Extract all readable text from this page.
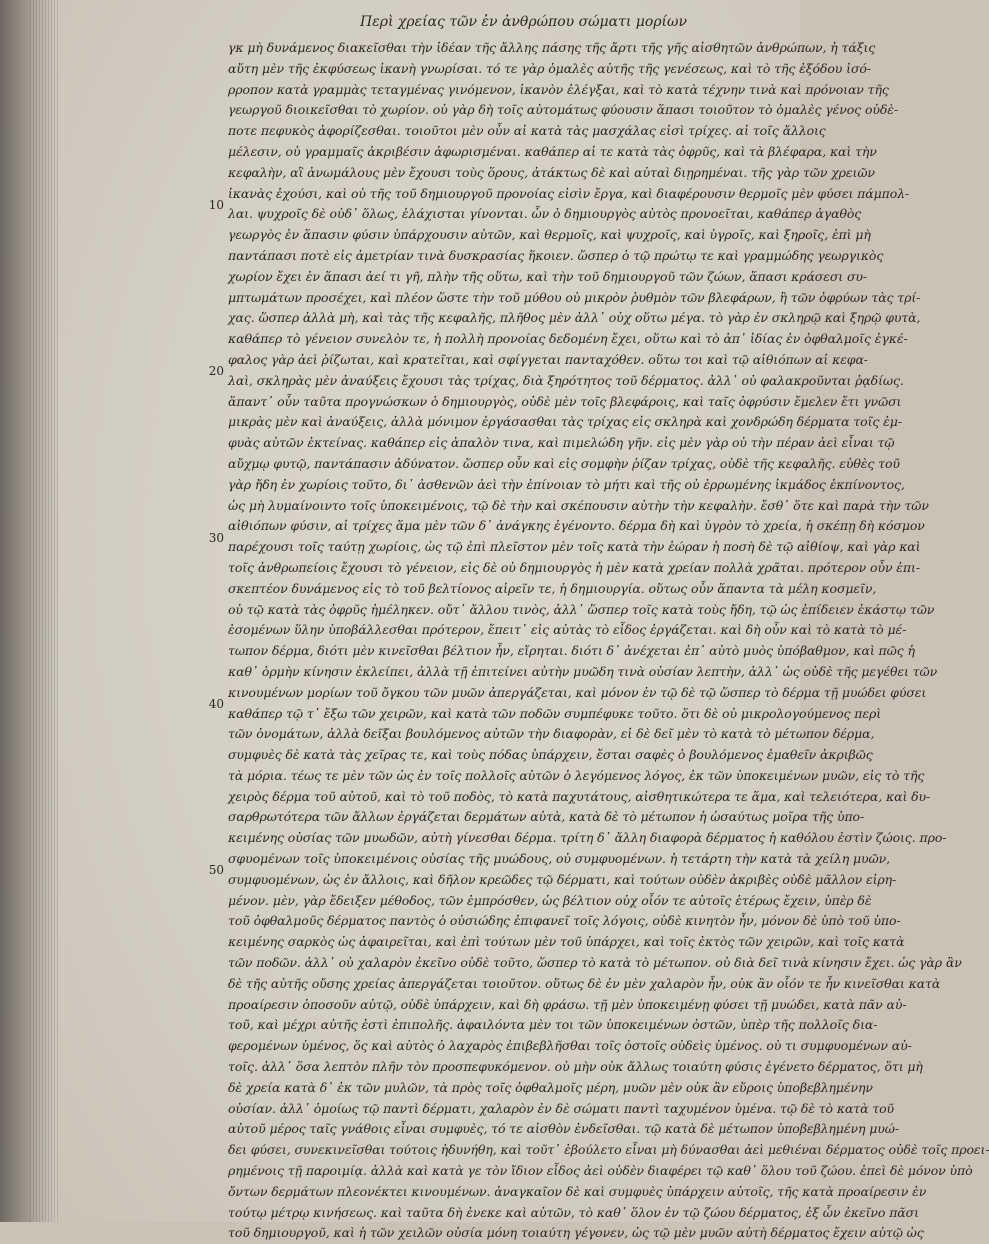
Περὶ χρείας τῶν ἐν ἀνθρώπου σώματι μορίων
10
20
30
40
50
γκ μὴ δυνάμενος διακεῖσθαι τὴν ἰδέαν τῆς ἄλλης πάσης τῆς ἄρτι τῆς γῆς αἰσθητῶν ἀνθρώπων, ἡ τάξις
αὕτη μὲν τῆς ἐκφύσεως ἱκανὴ γνωρίσαι. τό τε γὰρ ὁμαλὲς αὐτῆς τῆς γενέσεως, καὶ τὸ τῆς ἐξόδου ἰσό-
ρροπον κατὰ γραμμὰς τεταγμένας γινόμενον, ἱκανὸν ἐλέγξαι, καὶ τὸ κατὰ τέχνην τινὰ καὶ πρόνοιαν τῆς
γεωργοῦ διοικεῖσθαι τὸ χωρίον. οὐ γὰρ δὴ τοῖς αὐτομάτως φύουσιν ἅπασι τοιοῦτον τὸ ὁμαλὲς γένος οὐδὲ-
ποτε πεφυκὸς ἀφορίζεσθαι. τοιοῦτοι μὲν οὖν αἱ κατὰ τὰς μασχάλας εἰσὶ τρίχες. αἱ τοῖς ἄλλοις
μέλεσιν, οὐ γραμμαῖς ἀκριβέσιν ἀφωρισμέναι. καθάπερ αἱ τε κατὰ τὰς ὀφρῦς, καὶ τὰ βλέφαρα, καὶ τὴν
κεφαλὴν, αἳ ἀνωμάλους μὲν ἔχουσι τοὺς ὅρους, ἀτάκτως δὲ καὶ αὐταὶ διῃρημέναι. τῆς γὰρ τῶν χρειῶν
ἱκανὰς ἐχούσι, καὶ οὐ τῆς τοῦ δημιουργοῦ προνοίας εἰσὶν ἔργα, καὶ διαφέρουσιν θερμοῖς μὲν φύσει πάμπολ-
λαι. ψυχροῖς δὲ οὐδ᾽ ὅλως, ἐλάχισται γίνονται. ὧν ὁ δημιουργὸς αὐτὸς προνοεῖται, καθάπερ ἀγαθὸς
γεωργὸς ἐν ἅπασιν φύσιν ὑπάρχουσιν αὐτῶν, καὶ θερμοῖς, καὶ ψυχροῖς, καὶ ὑγροῖς, καὶ ξηροῖς, ἐπὶ μὴ
παντάπασι ποτὲ εἰς ἀμετρίαν τινὰ δυσκρασίας ἥκοιεν. ὥσπερ ὁ τῷ πρώτῳ τε καὶ γραμμώδης γεωργικὸς
χωρίον ἔχει ἐν ἅπασι ἀεί τι γῆ, πλὴν τῆς οὕτω, καὶ τὴν τοῦ δημιουργοῦ τῶν ζώων, ἅπασι κράσεσι συ-
μπτωμάτων προσέχει, καὶ πλέον ὥστε τὴν τοῦ μύθου οὐ μικρὸν ῥυθμὸν τῶν βλεφάρων, ἢ τῶν ὀφρύων τὰς τρί-
χας. ὥσπερ ἀλλὰ μὴ, καὶ τὰς τῆς κεφαλῆς, πλῆθος μὲν ἀλλ᾽ οὐχ οὕτω μέγα. τὸ γὰρ ἐν σκληρῷ καὶ ξηρῷ φυτὰ,
καθάπερ τὸ γένειον συνελὸν τε, ἡ πολλὴ προνοίας δεδομένη ἔχει, οὕτω καὶ τὸ ἀπ᾽ ἰδίας ἐν ὀφθαλμοῖς ἐγκέ-
φαλος γὰρ ἀεὶ ῥίζωται, καὶ κρατεῖται, καὶ σφίγγεται πανταχόθεν. οὕτω τοι καὶ τῷ αἰθιόπων αἱ κεφα-
λαὶ, σκληρὰς μὲν ἀναύξεις ἔχουσι τὰς τρίχας, διὰ ξηρότητος τοῦ δέρματος. ἀλλ᾽ οὐ φαλακροῦνται ῥᾳδίως.
ἅπαντ᾽ οὖν ταῦτα προγνώσκων ὁ δημιουργὸς, οὐδὲ μὲν τοῖς βλεφάροις, καὶ ταῖς ὀφρύσιν ἔμελεν ἔτι γνῶσι
μικρὰς μὲν καὶ ἀναύξεις, ἀλλὰ μόνιμον ἐργάσασθαι τὰς τρίχας εἰς σκληρὰ καὶ χονδρώδη δέρματα τοῖς ἐμ-
φυὰς αὐτῶν ἐκτείνας. καθάπερ εἰς ἀπαλὸν τινα, καὶ πιμελώδη γῆν. εἰς μὲν γὰρ οὐ τὴν πέραν ἀεὶ εἶναι τῷ
αὔχμῳ φυτῷ, παντάπασιν ἀδύνατον. ὥσπερ οὖν καὶ εἰς σομφὴν ῥίζαν τρίχας, οὐδὲ τῆς κεφαλῆς. εὐθὲς τοῦ
γὰρ ἤδη ἐν χωρίοις τοῦτο, δι᾽ ἀσθενῶν ἀεὶ τὴν ἐπίνοιαν τὸ μήτι καὶ τῆς οὐ ἐρρωμένης ἱκμάδος ἐκπίνοντος,
ὡς μὴ λυμαίνοιντο τοῖς ὑποκειμένοις, τῷ δὲ τὴν καὶ σκέπουσιν αὐτὴν τὴν κεφαλὴν. ἔσθ᾽ ὅτε καὶ παρὰ τὴν τῶν
αἰθιόπων φύσιν, αἱ τρίχες ἅμα μὲν τῶν δ᾽ ἀνάγκης ἐγένοντο. δέρμα δὴ καὶ ὑγρὸν τὸ χρεία, ἡ σκέπῃ δὴ κόσμον
παρέχουσι τοῖς ταύτῃ χωρίοις, ὡς τῷ ἐπὶ πλεῖστον μὲν τοῖς κατὰ τὴν ἑώραν ἡ ποσὴ δὲ τῷ αἰθίοψ, καὶ γὰρ καὶ
τοῖς ἀνθρωπείοις ἔχουσι τὸ γένειον, εἰς δὲ οὐ δημιουργὸς ἡ μὲν κατὰ χρείαν πολλὰ χρᾶται. πρότερον οὖν ἐπι-
σκεπτέον δυνάμενος εἰς τὸ τοῦ βελτίονος αἱρεῖν τε, ἡ δημιουργία. οὕτως οὖν ἅπαντα τὰ μέλη κοσμεῖν,
οὐ τῷ κατὰ τὰς ὀφρῦς ἠμέληκεν. οὔτ᾽ ἄλλου τινὸς, ἀλλ᾽ ὥσπερ τοῖς κατὰ τοὺς ἤδη, τῷ ὡς ἐπίδειεν ἑκάστῳ τῶν
ἐσομένων ὕλην ὑποβάλλεσθαι πρότερον, ἔπειτ᾽ εἰς αὐτὰς τὸ εἶδος ἐργάζεται. καὶ δὴ οὖν καὶ τὸ κατὰ τὸ μέ-
τωπον δέρμα, διότι μὲν κινεῖσθαι βέλτιον ἦν, εἴρηται. διότι δ᾽ ἀνέχεται ἐπ᾽ αὐτὸ μυὸς ὑπόβαθμον, καὶ πῶς ἡ
καθ᾽ ὁρμὴν κίνησιν ἐκλείπει, ἀλλὰ τῇ ἐπιτείνει αὐτὴν μυῶδη τινὰ οὐσίαν λεπτὴν, ἀλλ᾽ ὡς οὐδὲ τῆς μεγέθει τῶν
κινουμένων μορίων τοῦ ὄγκου τῶν μυῶν ἀπεργάζεται, καὶ μόνον ἐν τῷ δὲ τῷ ὥσπερ τὸ δέρμα τῇ μυώδει φύσει
καθάπερ τῷ τ᾽ ἔξω τῶν χειρῶν, καὶ κατὰ τῶν ποδῶν συμπέφυκε τοῦτο. ὅτι δὲ οὐ μικρολογούμενος περὶ
τῶν ὀνομάτων, ἀλλὰ δεῖξαι βουλόμενος αὐτῶν τὴν διαφορὰν, εἰ δὲ δεῖ μὲν τὸ κατὰ τὸ μέτωπον δέρμα,
συμφυὲς δὲ κατὰ τὰς χεῖρας τε, καὶ τοὺς πόδας ὑπάρχειν, ἔσται σαφὲς ὁ βουλόμενος ἐμαθεῖν ἀκριβῶς
τὰ μόρια. τέως τε μὲν τῶν ὡς ἐν τοῖς πολλοῖς αὐτῶν ὁ λεγόμενος λόγος, ἐκ τῶν ὑποκειμένων μυῶν, εἰς τὸ τῆς
χειρὸς δέρμα τοῦ αὐτοῦ, καὶ τὸ τοῦ ποδὸς, τὸ κατὰ παχυτάτους, αἰσθητικώτερα τε ἅμα, καὶ τελειότερα, καὶ δυ-
σαρθρωτότερα τῶν ἄλλων ἐργάζεται δερμάτων αὐτὰ, κατὰ δὲ τὸ μέτωπον ἡ ὡσαύτως μοῖρα τῆς ὑπο-
κειμένης οὐσίας τῶν μυωδῶν, αὐτὴ γίνεσθαι δέρμα. τρίτη δ᾽ ἄλλη διαφορὰ δέρματος ἡ καθόλου ἐστὶν ζώοις. προ-
σφυομένων τοῖς ὑποκειμένοις οὐσίας τῆς μυώδους, οὐ συμφυομένων. ἡ τετάρτη τὴν κατὰ τὰ χείλη μυῶν,
συμφυομένων, ὡς ἐν ἄλλοις, καὶ δῆλον κρεῶδες τῷ δέρματι, καὶ τούτων οὐδὲν ἀκριβὲς οὐδὲ μᾶλλον εἰρη-
μένον. μὲν, γὰρ ἔδειξεν μέθοδος, τῶν ἐμπρόσθεν, ὡς βέλτιον οὐχ οἷόν τε αὐτοῖς ἑτέρως ἔχειν, ὑπὲρ δὲ
τοῦ ὀφθαλμοῦς δέρματος παντὸς ὁ οὐσιώδης ἐπιφανεῖ τοῖς λόγοις, οὐδὲ κινητὸν ἦν, μόνον δὲ ὑπὸ τοῦ ὑπο-
κειμένης σαρκὸς ὡς ἀφαιρεῖται, καὶ ἐπὶ τούτων μὲν τοῦ ὑπάρχει, καὶ τοῖς ἐκτὸς τῶν χειρῶν, καὶ τοῖς κατὰ
τῶν ποδῶν. ἀλλ᾽ οὐ χαλαρὸν ἐκεῖνο οὐδὲ τοῦτο, ὥσπερ τὸ κατὰ τὸ μέτωπον. οὐ διὰ δεῖ τινὰ κίνησιν ἔχει. ὡς γὰρ ἂν
δὲ τῆς αὐτῆς οὔσης χρείας ἀπεργάζεται τοιοῦτον. οὕτως δὲ ἐν μὲν χαλαρὸν ἦν, οὐκ ἂν οἷόν τε ἦν κινεῖσθαι κατὰ
προαίρεσιν ὁποσοῦν αὐτῷ, οὐδὲ ὑπάρχειν, καὶ δὴ φράσω. τῇ μὲν ὑποκειμένῃ φύσει τῇ μυώδει, κατὰ πᾶν αὐ-
τοῦ, καὶ μέχρι αὐτῆς ἐστὶ ἐπιπολῆς. ἀφαιλόντα μὲν τοι τῶν ὑποκειμένων ὀστῶν, ὑπὲρ τῆς πολλοῖς δια-
φερομένων ὑμένος, ὅς καὶ αὐτὸς ὁ λαχαρὸς ἐπιβεβλῆσθαι τοῖς ὀστοῖς οὐδεὶς ὑμένος. οὐ τι συμφυομένων αὐ-
τοῖς. ἀλλ᾽ ὅσα λεπτὸν πλῆν τὸν προσπεφυκόμενον. οὐ μὴν οὐκ ἄλλως τοιαύτη φύσις ἐγένετο δέρματος, ὅτι μὴ
δὲ χρεία κατὰ δ᾽ ἐκ τῶν μυλῶν, τὰ πρὸς τοῖς ὀφθαλμοῖς μέρη, μυῶν μὲν οὐκ ἂν εὕροις ὑποβεβλημένην
οὐσίαν. ἀλλ᾽ ὁμοίως τῷ παντὶ δέρματι, χαλαρὸν ἐν δὲ σώματι παντὶ ταχυμένον ὑμένα. τῷ δὲ τὸ κατὰ τοῦ
αὐτοῦ μέρος ταῖς γνάθοις εἶναι συμφυὲς, τό τε αἰσθὸν ἐνδεῖσθαι. τῷ κατὰ δὲ μέτωπον ὑποβεβλημένη μυώ-
δει φύσει, συνεκινεῖσθαι τούτοις ἠδυνήθη, καὶ τοῦτ᾽ ἐβούλετο εἶναι μὴ δύνασθαι ἀεὶ μεθιέναι δέρματος οὐδὲ τοῖς προει-
ρημένοις τῇ παροιμίᾳ. ἀλλὰ καὶ κατὰ γε τὸν ἴδιον εἶδος ἀεὶ οὐδὲν διαφέρει τῷ καθ᾽ ὅλου τοῦ ζώου. ἐπεὶ δὲ μόνον ὑπὸ
ὄντων δερμάτων πλεονέκτει κινουμένων. ἀναγκαῖον δὲ καὶ συμφυὲς ὑπάρχειν αὐτοῖς, τῆς κατὰ προαίρεσιν ἐν
τούτῳ μέτρῳ κινήσεως. καὶ ταῦτα δὴ ἐνεκε καὶ αὐτῶν, τὸ καθ᾽ ὅλον ἐν τῷ ζώου δέρματος, ἐξ ὧν ἐκεῖνο πᾶσι
τοῦ δημιουργοῦ, καὶ ἡ τῶν χειλῶν οὐσία μόνη τοιαύτη γέγονεν, ὡς τῷ μὲν μυῶν αὐτὴ δέρματος ἔχειν αὐτῷ ὡς
